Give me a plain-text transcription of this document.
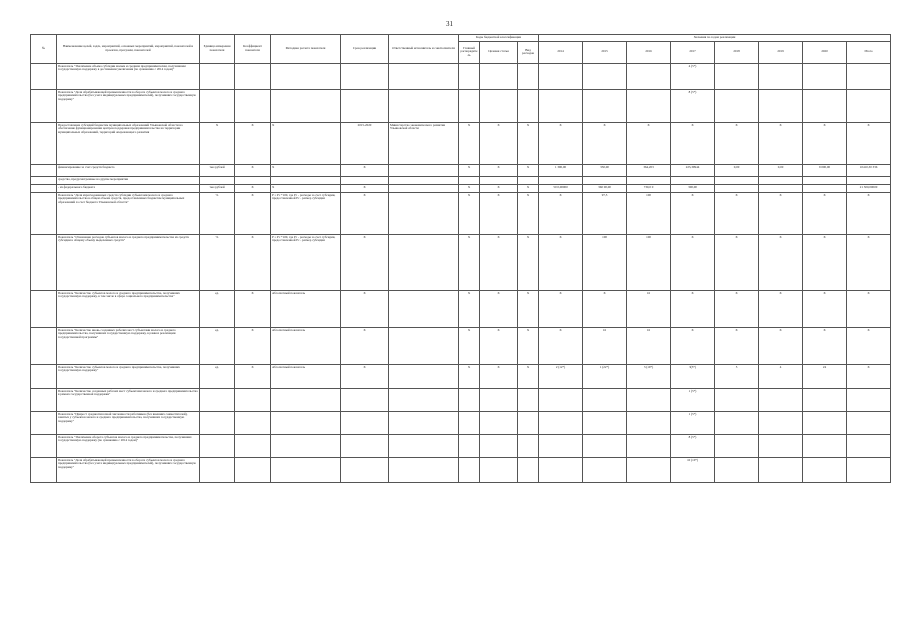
31
№	Наименование целей, задач, мероприятий, основных мероприятий, мероприятий, показателей и проектов, программ, показателей	Единица измерения показателя	Коэффициент показателя	Методика расчета показателя	Срок реализации	Ответственный исполнитель и соисполнители	Коды бюджетной классификации			Значения по годам реализации							
							Главный распорядитель	Целевая статья	Вид расходов	2014	2015	2016	2017	2018	2019	2020	Итого
	Показатель "Увеличение объема субсидии малым и средним предпринимателям, получившим государственную поддержку в достижении увеличения (по сравнению с 2014 годом)"												4 (5*)				
	Показатель "Доля обрабатывающей промышленности в обороте субъектов малого и среднего предпринимательства (без учета индивидуальных предпринимателей), получивших государственную поддержку"												8 (5*)				
	Предоставление субсидий бюджетам муниципальных образований Ульяновской области на обеспечение функционирования центров поддержки предпринимательства на территории муниципальных образований, территорий опережающего развития	X	X	X	2015-2020	Министерство экономического развития Ульяновской области	X	X	X	X	X	X	X	X	X	X	X
	финансирование за счет средств бюджета	тыс.рублей	X	X	X		X	X	X	1 390,00	330,00	364,203	223,39944	0,00	0,00	9 000,00	10410,30 336
	средства, предусмотренные на другие мероприятия																
	- из федерального бюджета	тыс.рублей	X	X	X		X	X	X	50 0,00000	360 00,00	730,0 0	300,00				21 300,00000
	Показатель "Доля израсходованных средств субсидии субъектами малого и среднего предпринимательства в общем объеме средств, предоставленных бюджетам муниципальных образований за счет бюджета Ульяновской области"	%	X	P = Pc *100, где Pc - расходы за счет субсидии, предоставленной Pc - размер субсидии	X		X	X	X	X	97,5	100	X	X	X	X	X
	Показатель "Отношение расходов субъектов малого и среднего предпринимательства из средств субсидии к общему объему выделенных средств"	%	X	P = Pc *100, где Pc - расходы за счет субсидии, предоставленной Pc - размер субсидии	X		X	X	X	X	100	100	X	X	X	X	X
	Показатель "Количество субъектов малого и среднего предпринимательства, получивших государственную поддержку, в том числе в сфере социального предпринимательства"	ед.	X	Абсолютный показатель	X		X	X	X	X	X	16	X	X	X	X	X
	Показатель "Количество вновь созданных рабочих мест субъектами малого и среднего предпринимательства, получивших государственную поддержку, в рамках реализации государственной программы"	ед.	X	Абсолютный показатель	X		X	X	X	X	16	16	X	X	X	X	X
	Показатель "Количество субъектов малого и среднего предпринимательства, получивших государственную поддержку"	ед.	X	Абсолютный показатель	X		X	X	X	2 (12*)	1 (22*)	3 (19*)	3(5*)	5	4	24	X
	Показатель "Количество созданных рабочих мест субъектами малого и среднего предпринимательства в рамках государственной поддержки"												1 (5*)				
	Показатель "Прирост среднесписочной численности работников (без внешних совместителей), занятых у субъектов малого и среднего предпринимательства, получивших государственную поддержку"												1 (5*)				
	Показатель "Увеличение оборота субъектов малого и среднего предпринимательства, получивших государственную поддержку (по сравнению с 2014 годом)"												8 (5*)				
	Показатель "Доля обрабатывающей промышленности в обороте субъектов малого и среднего предпринимательства (без учета индивидуальных предпринимателей), получивших государственную поддержку"												10 (10*)				
